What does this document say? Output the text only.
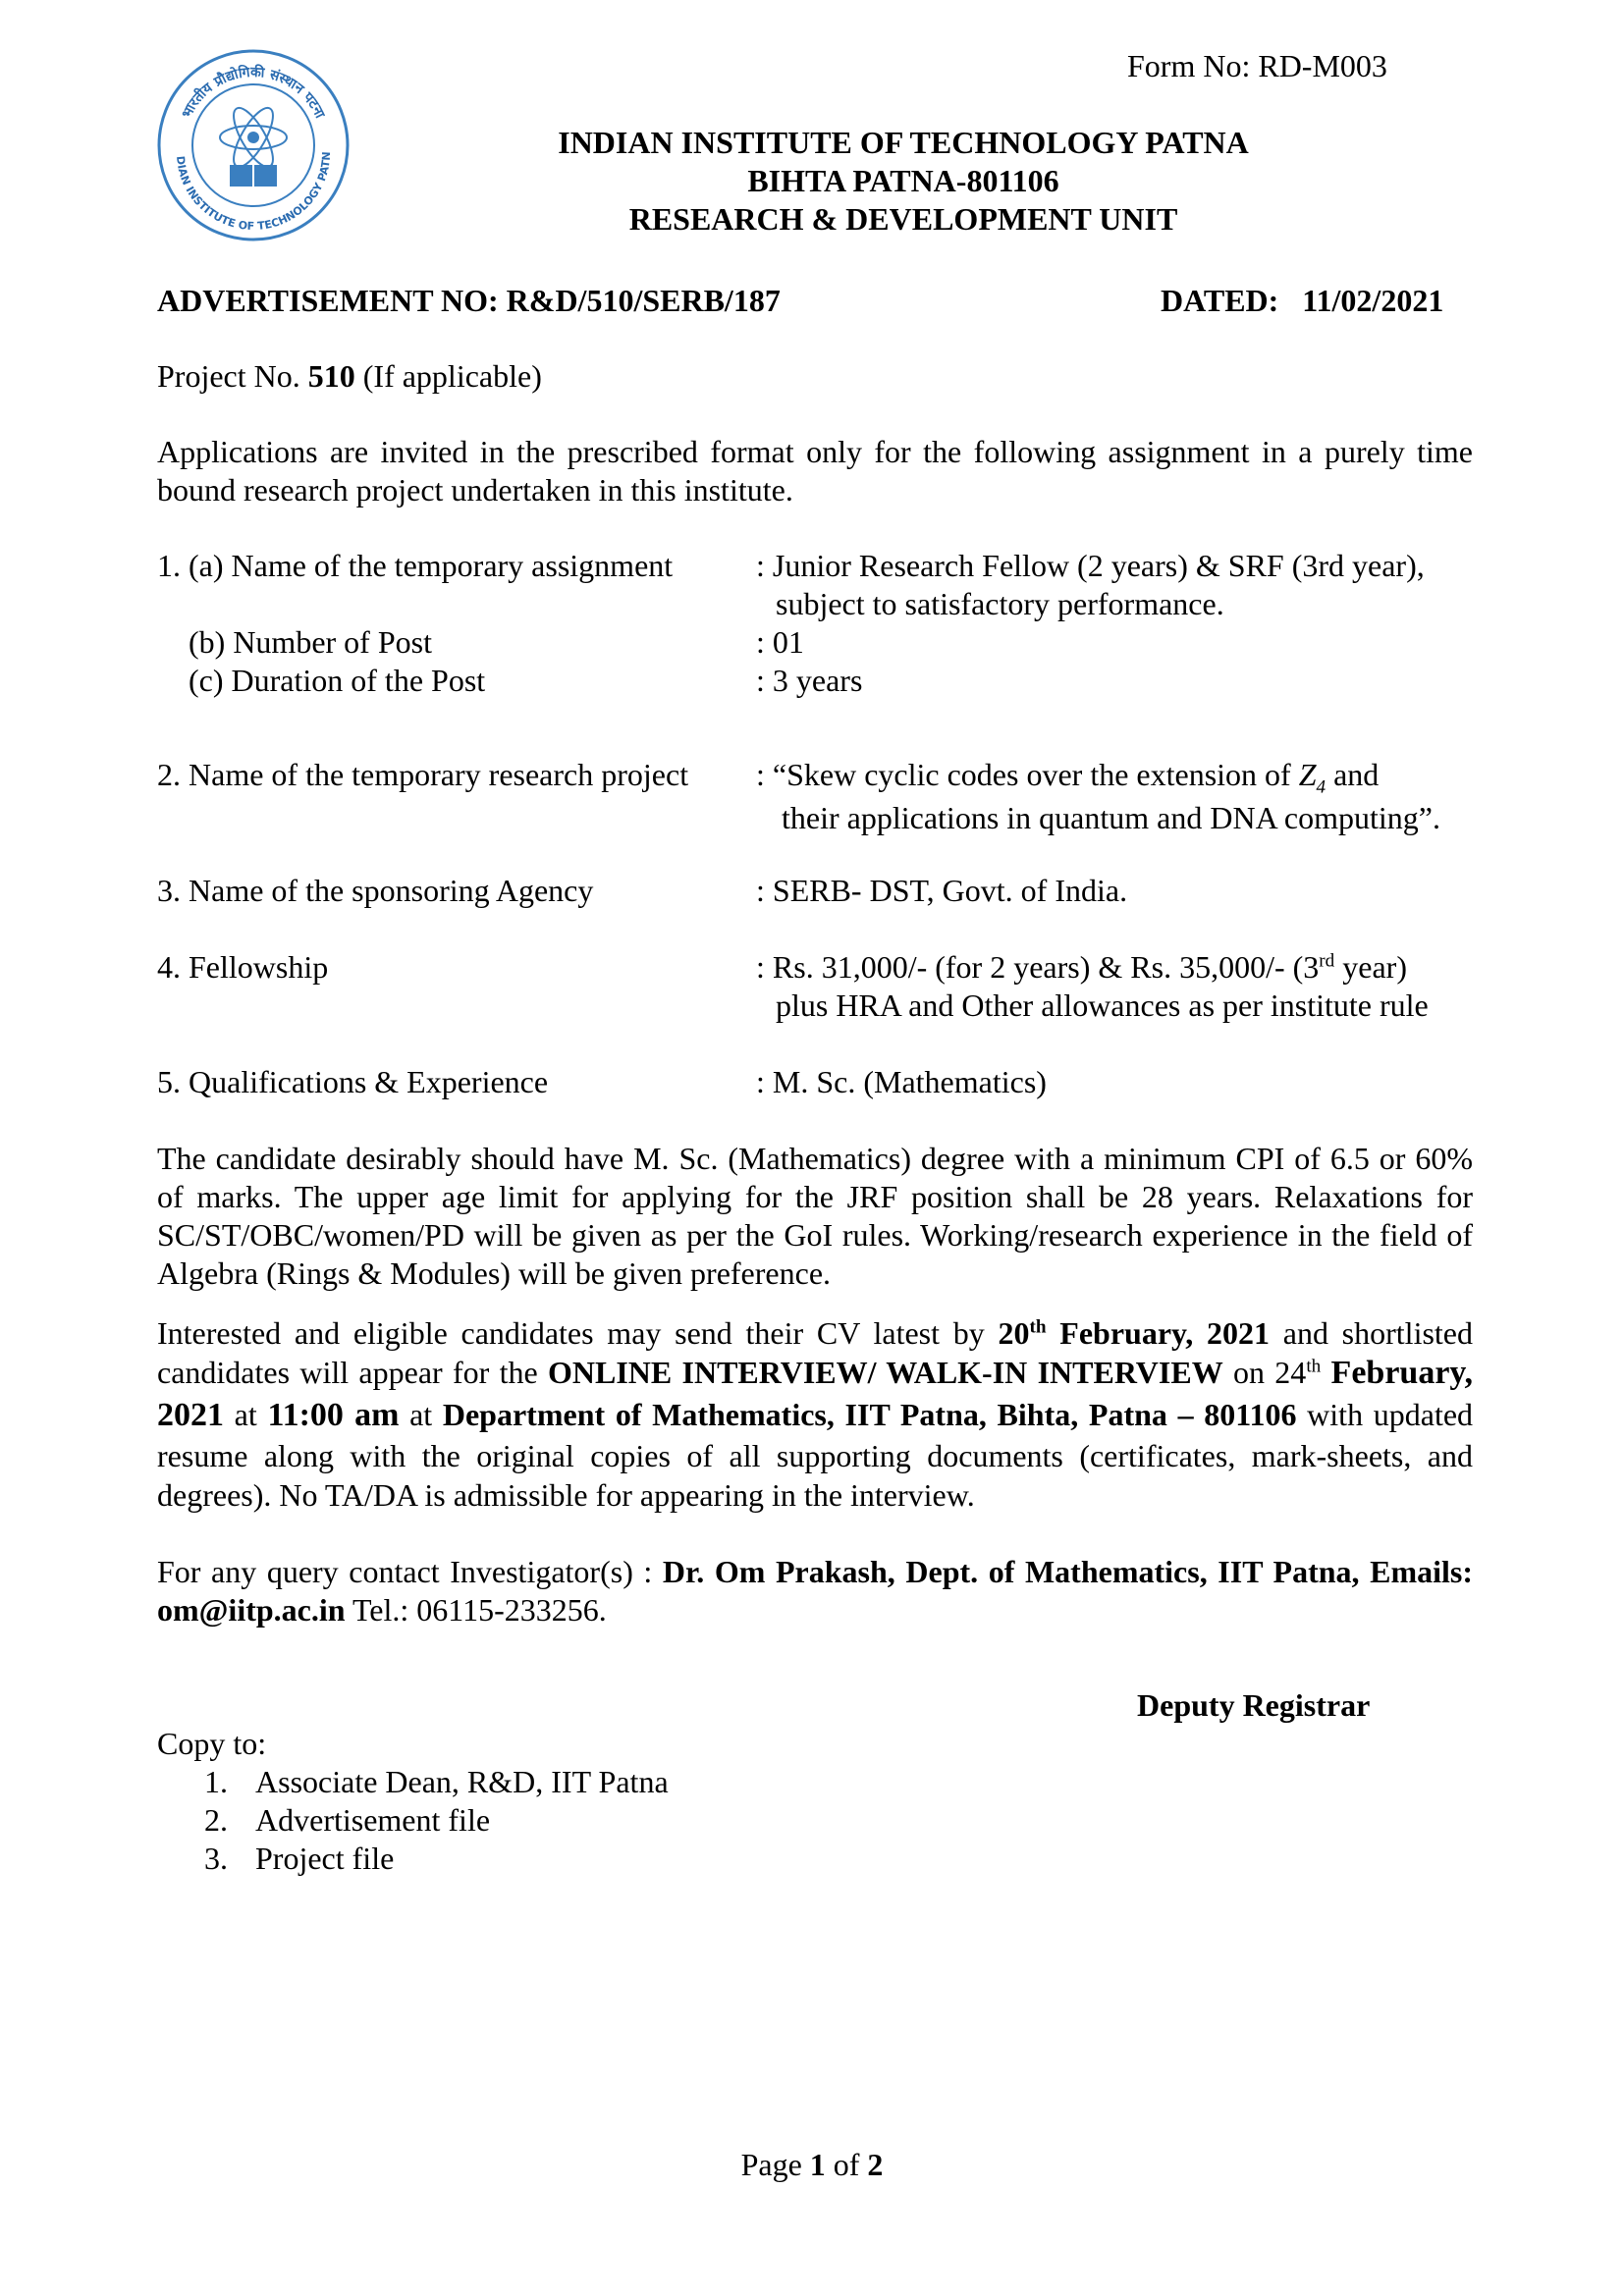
भारतीय प्रौद्योगिकी संस्थान पटना
DIAN INSTITUTE OF TECHNOLOGY PATN
Form No: RD-M003
INDIAN INSTITUTE OF TECHNOLOGY PATNA
BIHTA PATNA-801106
RESEARCH & DEVELOPMENT UNIT
ADVERTISEMENT NO: R&D/510/SERB/187	DATED: 11/02/2021
Project No. 510 (If applicable)
Applications are invited in the prescribed format only for the following assignment in a purely time bound research project undertaken in this institute.
1. (a) Name of the temporary assignment	: Junior Research Fellow (2 years) & SRF (3rd year),
subject to satisfactory performance.
(b) Number of Post	: 01
(c) Duration of the Post	: 3 years
2. Name of the temporary research project : “Skew cyclic codes over the extension of $Z_4$ and
their applications in quantum and DNA computing”.
3. Name of the sponsoring Agency	: SERB- DST, Govt. of India.
4. Fellowship	: Rs. 31,000/- (for 2 years) & Rs. 35,000/- (3rd year)
plus HRA and Other allowances as per institute rule
5. Qualifications & Experience	: M. Sc. (Mathematics)
The candidate desirably should have M. Sc. (Mathematics) degree with a minimum CPI of 6.5 or 60% of marks. The upper age limit for applying for the JRF position shall be 28 years. Relaxations for SC/ST/OBC/women/PD will be given as per the GoI rules. Working/research experience in the field of Algebra (Rings & Modules) will be given preference.
Interested and eligible candidates may send their CV latest by 20th February, 2021 and shortlisted candidates will appear for the ONLINE INTERVIEW/ WALK-IN INTERVIEW on 24th February, 2021 at 11:00 am at Department of Mathematics, IIT Patna, Bihta, Patna – 801106 with updated resume along with the original copies of all supporting documents (certificates, mark-sheets, and degrees). No TA/DA is admissible for appearing in the interview.
For any query contact Investigator(s) : Dr. Om Prakash, Dept. of Mathematics, IIT Patna, Emails: om@iitp.ac.in Tel.: 06115-233256.
Deputy Registrar
Copy to:
1. Associate Dean, R&D, IIT Patna
2. Advertisement file
3. Project file
Page 1 of 2
